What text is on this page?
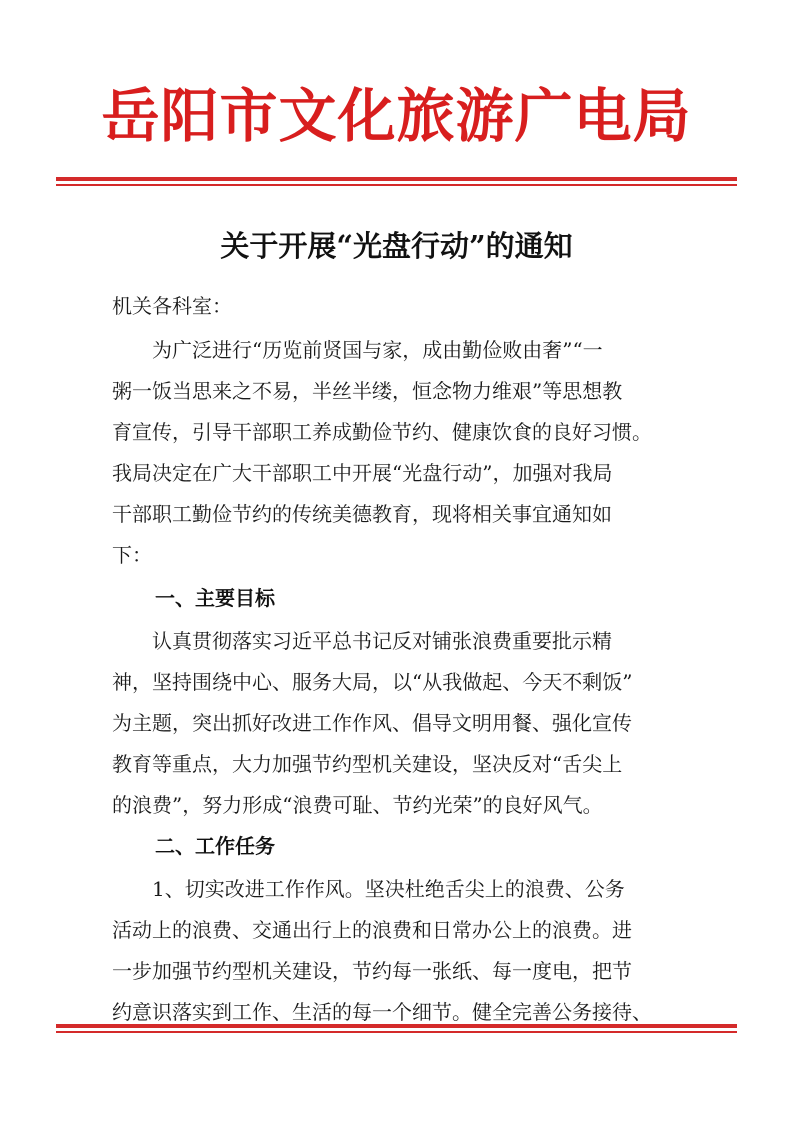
岳阳市文化旅游广电局
关于开展“光盘行动”的通知
机关各科室：
　　为广泛进行“历览前贤国与家，成由勤俭败由奢”“一
粥一饭当思来之不易，半丝半缕，恒念物力维艰”等思想教
育宣传，引导干部职工养成勤俭节约、健康饮食的良好习惯。
我局决定在广大干部职工中开展“光盘行动”，加强对我局
干部职工勤俭节约的传统美德教育，现将相关事宜通知如
下：
一、主要目标
　　认真贯彻落实习近平总书记反对铺张浪费重要批示精
神，坚持围绕中心、服务大局，以“从我做起、今天不剩饭”
为主题，突出抓好改进工作作风、倡导文明用餐、强化宣传
教育等重点，大力加强节约型机关建设，坚决反对“舌尖上
的浪费”，努力形成“浪费可耻、节约光荣”的良好风气。
二、工作任务
　　1、切实改进工作作风。坚决杜绝舌尖上的浪费、公务
活动上的浪费、交通出行上的浪费和日常办公上的浪费。进
一步加强节约型机关建设，节约每一张纸、每一度电，把节
约意识落实到工作、生活的每一个细节。健全完善公务接待、
